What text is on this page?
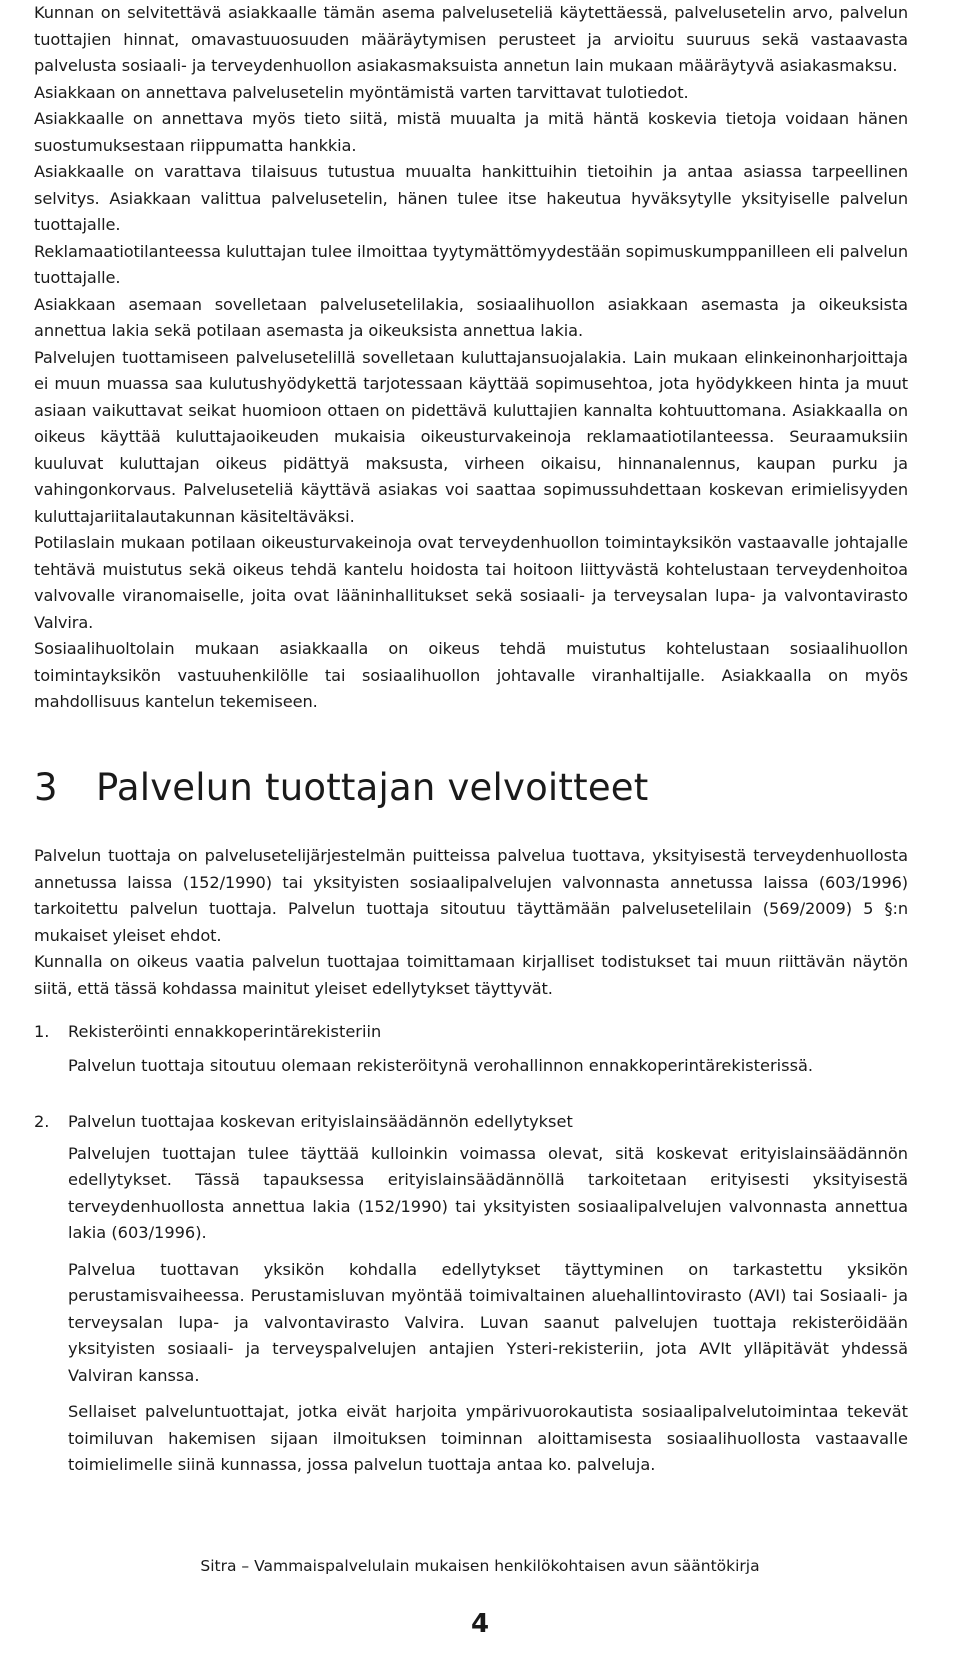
Kunnan on selvitettävä asiakkaalle tämän asema palveluseteliä käytettäessä, palvelusetelin arvo, palvelun tuottajien hinnat, omavastuuosuuden määräytymisen perusteet ja arvioitu suuruus sekä vastaavasta palvelusta sosiaali- ja terveydenhuollon asiakasmaksuista annetun lain mukaan määräytyvä asiakasmaksu.

Asiakkaan on annettava palvelusetelin myöntämistä varten tarvittavat tulotiedot.

Asiakkaalle on annettava myös tieto siitä, mistä muualta ja mitä häntä koskevia tietoja voidaan hänen suostumuksestaan riippumatta hankkia.

Asiakkaalle on varattava tilaisuus tutustua muualta hankittuihin tietoihin ja antaa asiassa tarpeellinen selvitys. Asiakkaan valittua palvelusetelin, hänen tulee itse hakeutua hyväksytylle yksityiselle palvelun tuottajalle.

Reklamaatiotilanteessa kuluttajan tulee ilmoittaa tyytymättömyydestään sopimuskumppanilleen eli palvelun tuottajalle.

Asiakkaan asemaan sovelletaan palvelusetelilakia, sosiaalihuollon asiakkaan asemasta ja oikeuksista annettua lakia sekä potilaan asemasta ja oikeuksista annettua lakia.

Palvelujen tuottamiseen palvelusetelillä sovelletaan kuluttajansuojalakia. Lain mukaan elinkeinonharjoittaja ei muun muassa saa kulutushyödykettä tarjotessaan käyttää sopimusehtoa, jota hyödykkeen hinta ja muut asiaan vaikuttavat seikat huomioon ottaen on pidettävä kuluttajien kannalta kohtuuttomana. Asiakkaalla on oikeus käyttää kuluttajaoikeuden mukaisia oikeusturvakeinoja reklamaatiotilanteessa. Seuraamuksiin kuuluvat kuluttajan oikeus pidättyä maksusta, virheen oikaisu, hinnanalennus, kaupan purku ja vahingonkorvaus. Palveluseteliä käyttävä asiakas voi saattaa sopimussuhdettaan koskevan erimielisyyden kuluttajariitalautakunnan käsiteltäväksi.

Potilaslain mukaan potilaan oikeusturvakeinoja ovat terveydenhuollon toimintayksikön vastaavalle johtajalle tehtävä muistutus sekä oikeus tehdä kantelu hoidosta tai hoitoon liittyvästä kohtelustaan terveydenhoitoa valvovalle viranomaiselle, joita ovat lääninhallitukset sekä sosiaali- ja terveysalan lupa- ja valvontavirasto Valvira.

Sosiaalihuoltolain mukaan asiakkaalla on oikeus tehdä muistutus kohtelustaan sosiaalihuollon toimintayksikön vastuuhenkilölle tai sosiaalihuollon johtavalle viranhaltijalle. Asiakkaalla on myös mahdollisuus kantelun tekemiseen.

3 Palvelun tuottajan velvoitteet

Palvelun tuottaja on palvelusetelijärjestelmän puitteissa palvelua tuottava, yksityisestä terveydenhuollosta annetussa laissa (152/1990) tai yksityisten sosiaalipalvelujen valvonnasta annetussa laissa (603/1996) tarkoitettu palvelun tuottaja. Palvelun tuottaja sitoutuu täyttämään palvelusetelilain (569/2009) 5 §:n mukaiset yleiset ehdot.

Kunnalla on oikeus vaatia palvelun tuottajaa toimittamaan kirjalliset todistukset tai muun riittävän näytön siitä, että tässä kohdassa mainitut yleiset edellytykset täyttyvät.

1.	Rekisteröinti ennakkoperintärekisteriin

Palvelun tuottaja sitoutuu olemaan rekisteröitynä verohallinnon ennakkoperintärekisterissä.

2.	Palvelun tuottajaa koskevan erityislainsäädännön edellytykset

Palvelujen tuottajan tulee täyttää kulloinkin voimassa olevat, sitä koskevat erityislainsäädännön edellytykset. Tässä tapauksessa erityislainsäädännöllä tarkoitetaan erityisesti yksityisestä terveydenhuollosta annettua lakia (152/1990) tai yksityisten sosiaalipalvelujen valvonnasta annettua lakia (603/1996).

Palvelua tuottavan yksikön kohdalla edellytykset täyttyminen on tarkastettu yksikön perustamisvaiheessa. Perustamisluvan myöntää toimivaltainen aluehallintovirasto (AVI) tai Sosiaali- ja terveysalan lupa- ja valvontavirasto Valvira. Luvan saanut palvelujen tuottaja rekisteröidään yksityisten sosiaali- ja terveyspalvelujen antajien Ysteri-rekisteriin, jota AVIt ylläpitävät yhdessä Valviran kanssa.

Sellaiset palveluntuottajat, jotka eivät harjoita ympärivuorokautista sosiaalipalvelutoimintaa tekevät toimiluvan hakemisen sijaan ilmoituksen toiminnan aloittamisesta sosiaalihuollosta vastaavalle toimielimelle siinä kunnassa, jossa palvelun tuottaja antaa ko. palveluja.

Sitra – Vammaispalvelulain mukaisen henkilökohtaisen avun sääntökirja
4
